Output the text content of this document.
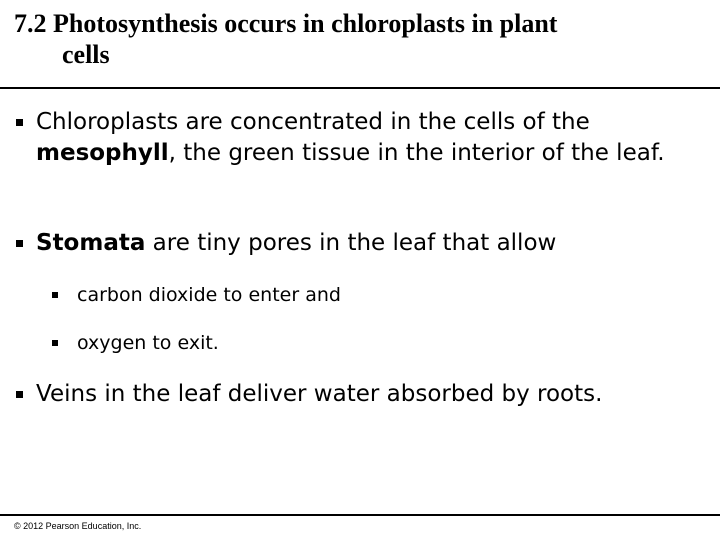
7.2 Photosynthesis occurs in chloroplasts in plant
cells
Chloroplasts are concentrated in the cells of the mesophyll, the green tissue in the interior of the leaf.
Stomata are tiny pores in the leaf that allow
carbon dioxide to enter and
oxygen to exit.
Veins in the leaf deliver water absorbed by roots.
© 2012 Pearson Education, Inc.
